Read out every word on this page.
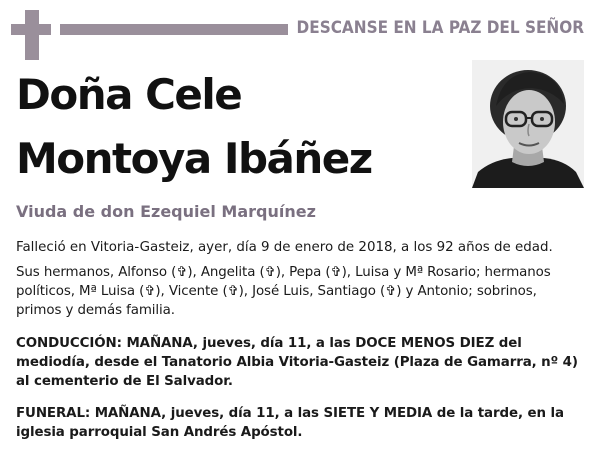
DESCANSE EN LA PAZ DEL SEÑOR
Doña Cele
Montoya Ibáñez
Viuda de don Ezequiel Marquínez
Falleció en Vitoria-Gasteiz, ayer, día 9 de enero de 2018, a los 92 años de edad.
Sus hermanos, Alfonso (✞), Angelita (✞), Pepa (✞), Luisa y Mª Rosario; hermanos políticos, Mª Luisa (✞), Vicente (✞), José Luis, Santiago (✞) y Antonio; sobrinos, primos y demás familia.
CONDUCCIÓN: MAÑANA, jueves, día 11, a las DOCE MENOS DIEZ del mediodía, desde el Tanatorio Albia Vitoria-Gasteiz (Plaza de Gamarra, nº 4) al cementerio de El Salvador.
FUNERAL: MAÑANA, jueves, día 11, a las SIETE Y MEDIA de la tarde, en la iglesia parroquial San Andrés Apóstol.
